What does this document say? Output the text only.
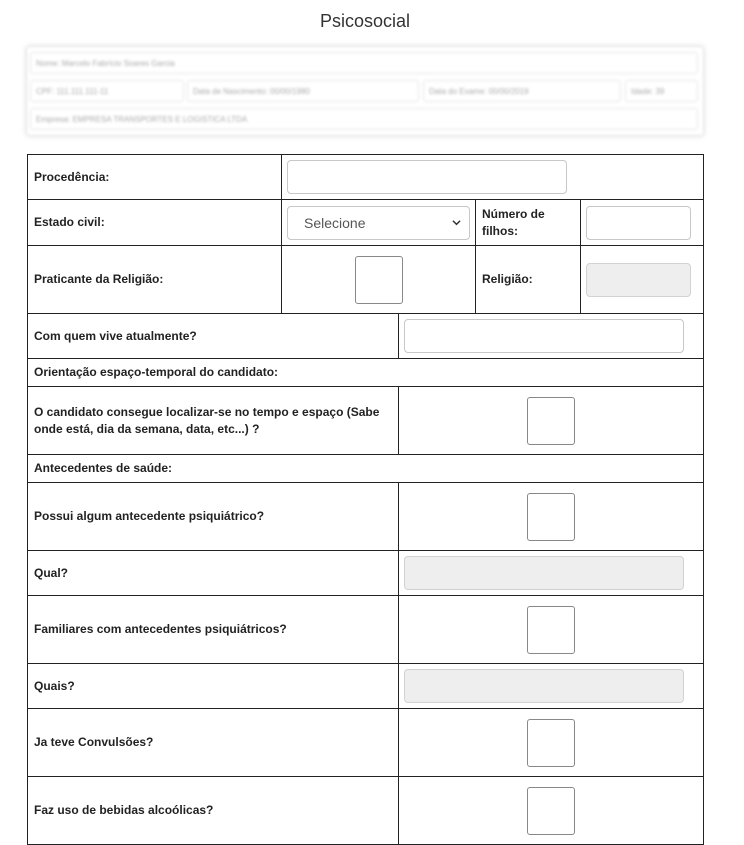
Psicosocial
Nome: Marcelo Fabrício Soares Garcia
CPF: 111.111.111-11	Data de Nascimento: 00/00/1980	Data do Exame: 00/00/2019	Idade: 39
Empresa: EMPRESA TRANSPORTES E LOGISTICA LTDA
Procedência:	

Estado civil:	Selecione		Número de filhos:	

Praticante da Religião:			Religião:	

Com quem vive atualmente?	

Orientação espaço-temporal do candidato:				
O candidato consegue localizar-se no tempo e espaço (Sabe onde está, dia da semana, data, etc...) ?				
Antecedentes de saúde:				
Possui algum antecedente psiquiátrico?				
Qual?	

Familiares com antecedentes psiquiátricos?				
Quais?	

Ja teve Convulsões?				
Faz uso de bebidas alcoólicas?				
